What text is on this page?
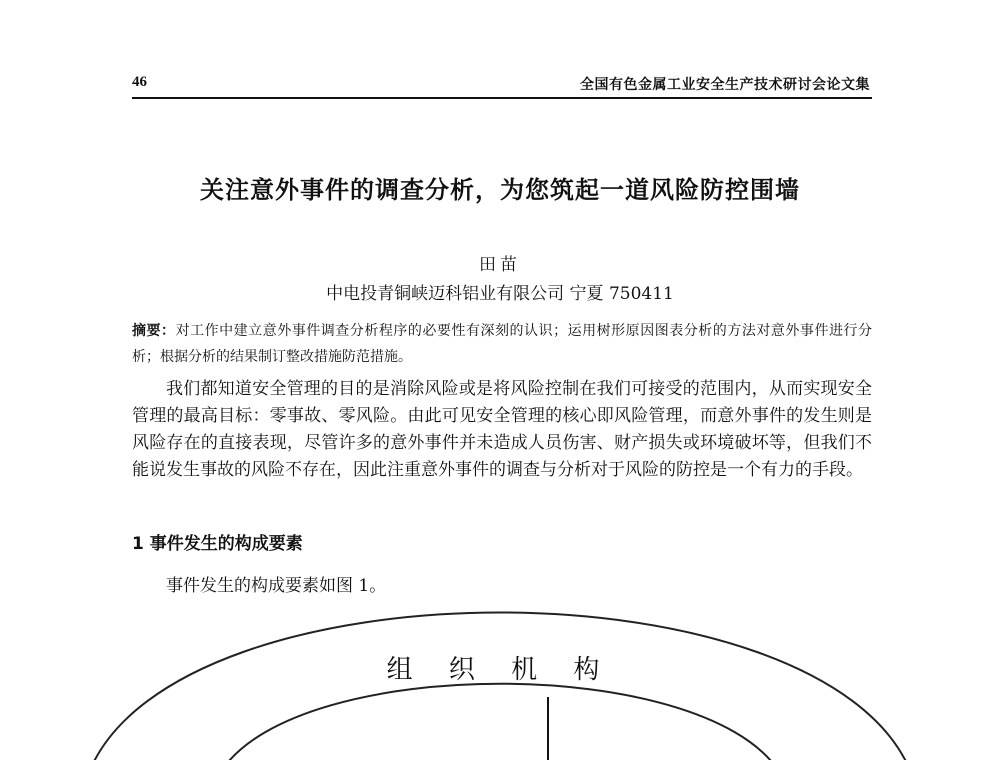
46	全国有色金属工业安全生产技术研讨会论文集
关注意外事件的调查分析，为您筑起一道风险防控围墙
田苗
中电投青铜峡迈科铝业有限公司 宁夏 750411
摘要：对工作中建立意外事件调查分析程序的必要性有深刻的认识；运用树形原因图表分析的方法对意外事件进行分析；根据分析的结果制订整改措施防范措施。
我们都知道安全管理的目的是消除风险或是将风险控制在我们可接受的范围内，从而实现安全管理的最高目标：零事故、零风险。由此可见安全管理的核心即风险管理，而意外事件的发生则是风险存在的直接表现，尽管许多的意外事件并未造成人员伤害、财产损失或环境破坏等，但我们不能说发生事故的风险不存在，因此注重意外事件的调查与分析对于风险的防控是一个有力的手段。
1 事件发生的构成要素
事件发生的构成要素如图 1。
组 织 机 构
